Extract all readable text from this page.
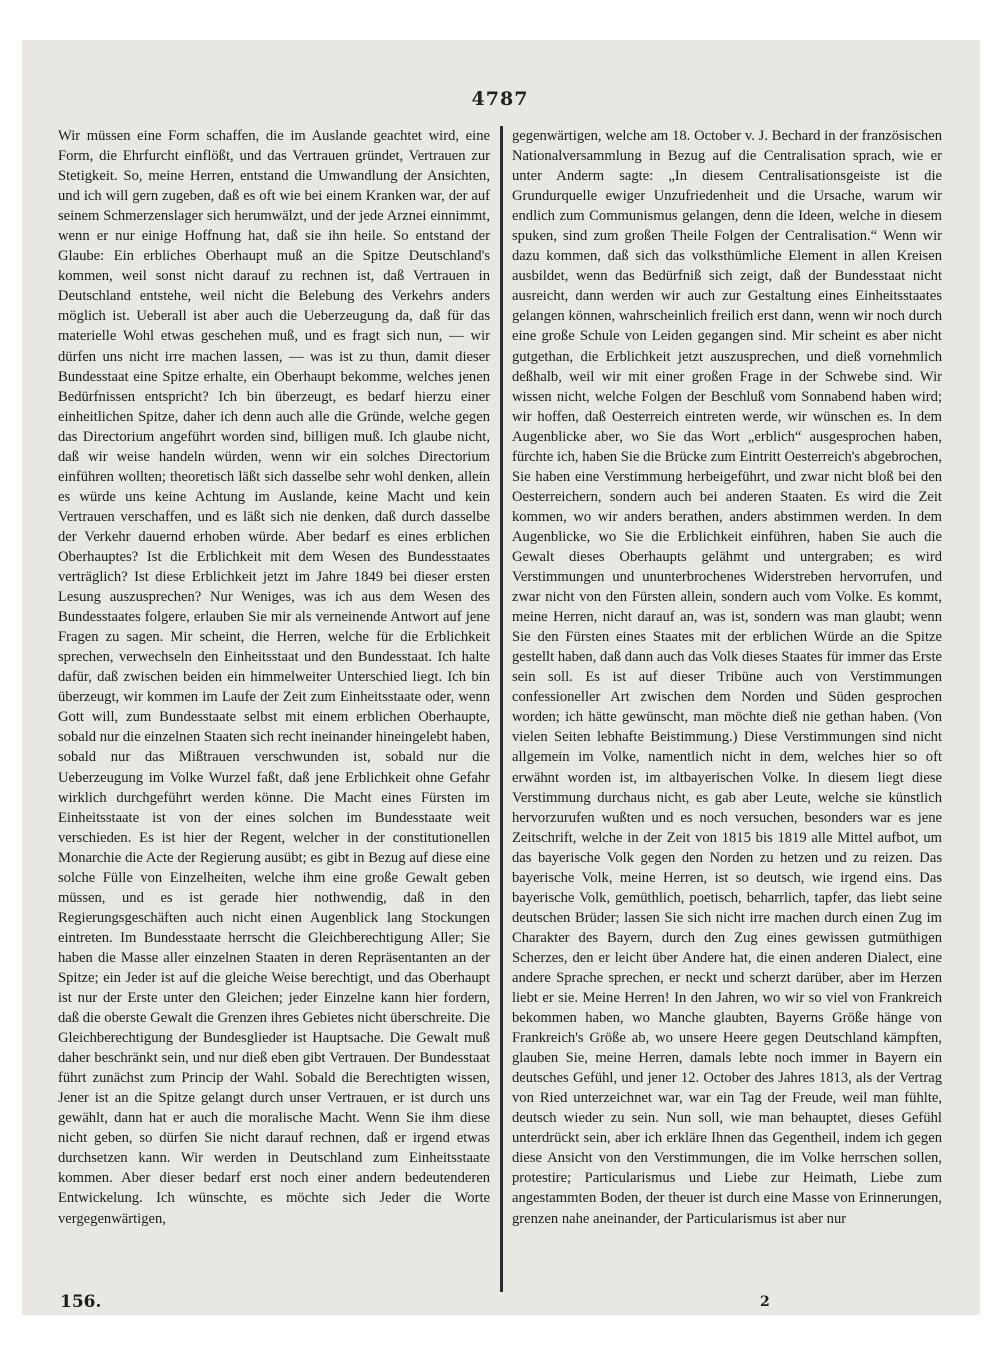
4787

Wir müssen eine Form schaffen, die im Auslande geachtet wird, eine Form, die Ehrfurcht einflößt, und das Vertrauen gründet, Vertrauen zur Stetigkeit. So, meine Herren, entstand die Umwandlung der Ansichten, und ich will gern zugeben, daß es oft wie bei einem Kranken war, der auf seinem Schmerzenslager sich herumwälzt, und der jede Arznei einnimmt, wenn er nur einige Hoffnung hat, daß sie ihn heile. So entstand der Glaube: Ein erbliches Oberhaupt muß an die Spitze Deutschland's kommen, weil sonst nicht darauf zu rechnen ist, daß Vertrauen in Deutschland entstehe, weil nicht die Belebung des Verkehrs anders möglich ist. Ueberall ist aber auch die Ueberzeugung da, daß für das materielle Wohl etwas geschehen muß, und es fragt sich nun, — wir dürfen uns nicht irre machen lassen, — was ist zu thun, damit dieser Bundesstaat eine Spitze erhalte, ein Oberhaupt bekomme, welches jenen Bedürfnissen entspricht? Ich bin überzeugt, es bedarf hierzu einer einheitlichen Spitze, daher ich denn auch alle die Gründe, welche gegen das Directorium angeführt worden sind, billigen muß. Ich glaube nicht, daß wir weise handeln würden, wenn wir ein solches Directorium einführen wollten; theoretisch läßt sich dasselbe sehr wohl denken, allein es würde uns keine Achtung im Auslande, keine Macht und kein Vertrauen verschaffen, und es läßt sich nie denken, daß durch dasselbe der Verkehr dauernd erhoben würde. Aber bedarf es eines erblichen Oberhauptes? Ist die Erblichkeit mit dem Wesen des Bundesstaates verträglich? Ist diese Erblichkeit jetzt im Jahre 1849 bei dieser ersten Lesung auszusprechen? Nur Weniges, was ich aus dem Wesen des Bundesstaates folgere, erlauben Sie mir als verneinende Antwort auf jene Fragen zu sagen. Mir scheint, die Herren, welche für die Erblichkeit sprechen, verwechseln den Einheitsstaat und den Bundesstaat. Ich halte dafür, daß zwischen beiden ein himmelweiter Unterschied liegt. Ich bin überzeugt, wir kommen im Laufe der Zeit zum Einheitsstaate oder, wenn Gott will, zum Bundesstaate selbst mit einem erblichen Oberhaupte, sobald nur die einzelnen Staaten sich recht ineinander hineingelebt haben, sobald nur das Mißtrauen verschwunden ist, sobald nur die Ueberzeugung im Volke Wurzel faßt, daß jene Erblichkeit ohne Gefahr wirklich durchgeführt werden könne. Die Macht eines Fürsten im Einheitsstaate ist von der eines solchen im Bundesstaate weit verschieden. Es ist hier der Regent, welcher in der constitutionellen Monarchie die Acte der Regierung ausübt; es gibt in Bezug auf diese eine solche Fülle von Einzelheiten, welche ihm eine große Gewalt geben müssen, und es ist gerade hier nothwendig, daß in den Regierungsgeschäften auch nicht einen Augenblick lang Stockungen eintreten. Im Bundesstaate herrscht die Gleichberechtigung Aller; Sie haben die Masse aller einzelnen Staaten in deren Repräsentanten an der Spitze; ein Jeder ist auf die gleiche Weise berechtigt, und das Oberhaupt ist nur der Erste unter den Gleichen; jeder Einzelne kann hier fordern, daß die oberste Gewalt die Grenzen ihres Gebietes nicht überschreite. Die Gleichberechtigung der Bundesglieder ist Hauptsache. Die Gewalt muß daher beschränkt sein, und nur dieß eben gibt Vertrauen. Der Bundesstaat führt zunächst zum Princip der Wahl. Sobald die Berechtigten wissen, Jener ist an die Spitze gelangt durch unser Vertrauen, er ist durch uns gewählt, dann hat er auch die moralische Macht. Wenn Sie ihm diese nicht geben, so dürfen Sie nicht darauf rechnen, daß er irgend etwas durchsetzen kann. Wir werden in Deutschland zum Einheitsstaate kommen. Aber dieser bedarf erst noch einer andern bedeutenderen Entwickelung. Ich wünschte, es möchte sich Jeder die Worte vergegenwärtigen,

gegenwärtigen, welche am 18. October v. J. Bechard in der französischen Nationalversammlung in Bezug auf die Centralisation sprach, wie er unter Anderm sagte: „In diesem Centralisationsgeiste ist die Grundurquelle ewiger Unzufriedenheit und die Ursache, warum wir endlich zum Communismus gelangen, denn die Ideen, welche in diesem spuken, sind zum großen Theile Folgen der Centralisation.“ Wenn wir dazu kommen, daß sich das volksthümliche Element in allen Kreisen ausbildet, wenn das Bedürfniß sich zeigt, daß der Bundesstaat nicht ausreicht, dann werden wir auch zur Gestaltung eines Einheitsstaates gelangen können, wahrscheinlich freilich erst dann, wenn wir noch durch eine große Schule von Leiden gegangen sind. Mir scheint es aber nicht gutgethan, die Erblichkeit jetzt auszusprechen, und dieß vornehmlich deßhalb, weil wir mit einer großen Frage in der Schwebe sind. Wir wissen nicht, welche Folgen der Beschluß vom Sonnabend haben wird; wir hoffen, daß Oesterreich eintreten werde, wir wünschen es. In dem Augenblicke aber, wo Sie das Wort „erblich“ ausgesprochen haben, fürchte ich, haben Sie die Brücke zum Eintritt Oesterreich's abgebrochen, Sie haben eine Verstimmung herbeigeführt, und zwar nicht bloß bei den Oesterreichern, sondern auch bei anderen Staaten. Es wird die Zeit kommen, wo wir anders berathen, anders abstimmen werden. In dem Augenblicke, wo Sie die Erblichkeit einführen, haben Sie auch die Gewalt dieses Oberhaupts gelähmt und untergraben; es wird Verstimmungen und ununterbrochenes Widerstreben hervorrufen, und zwar nicht von den Fürsten allein, sondern auch vom Volke. Es kommt, meine Herren, nicht darauf an, was ist, sondern was man glaubt; wenn Sie den Fürsten eines Staates mit der erblichen Würde an die Spitze gestellt haben, daß dann auch das Volk dieses Staates für immer das Erste sein soll. Es ist auf dieser Tribüne auch von Verstimmungen confessioneller Art zwischen dem Norden und Süden gesprochen worden; ich hätte gewünscht, man möchte dieß nie gethan haben. (Von vielen Seiten lebhafte Beistimmung.) Diese Verstimmungen sind nicht allgemein im Volke, namentlich nicht in dem, welches hier so oft erwähnt worden ist, im altbayerischen Volke. In diesem liegt diese Verstimmung durchaus nicht, es gab aber Leute, welche sie künstlich hervorzurufen wußten und es noch versuchen, besonders war es jene Zeitschrift, welche in der Zeit von 1815 bis 1819 alle Mittel aufbot, um das bayerische Volk gegen den Norden zu hetzen und zu reizen. Das bayerische Volk, meine Herren, ist so deutsch, wie irgend eins. Das bayerische Volk, gemüthlich, poetisch, beharrlich, tapfer, das liebt seine deutschen Brüder; lassen Sie sich nicht irre machen durch einen Zug im Charakter des Bayern, durch den Zug eines gewissen gutmüthigen Scherzes, den er leicht über Andere hat, die einen anderen Dialect, eine andere Sprache sprechen, er neckt und scherzt darüber, aber im Herzen liebt er sie. Meine Herren! In den Jahren, wo wir so viel von Frankreich bekommen haben, wo Manche glaubten, Bayerns Größe hänge von Frankreich's Größe ab, wo unsere Heere gegen Deutschland kämpften, glauben Sie, meine Herren, damals lebte noch immer in Bayern ein deutsches Gefühl, und jener 12. October des Jahres 1813, als der Vertrag von Ried unterzeichnet war, war ein Tag der Freude, weil man fühlte, deutsch wieder zu sein. Nun soll, wie man behauptet, dieses Gefühl unterdrückt sein, aber ich erkläre Ihnen das Gegentheil, indem ich gegen diese Ansicht von den Verstimmungen, die im Volke herrschen sollen, protestire; Particularismus und Liebe zur Heimath, Liebe zum angestammten Boden, der theuer ist durch eine Masse von Erinnerungen, grenzen nahe aneinander, der Particularismus ist aber nur

156.	2
